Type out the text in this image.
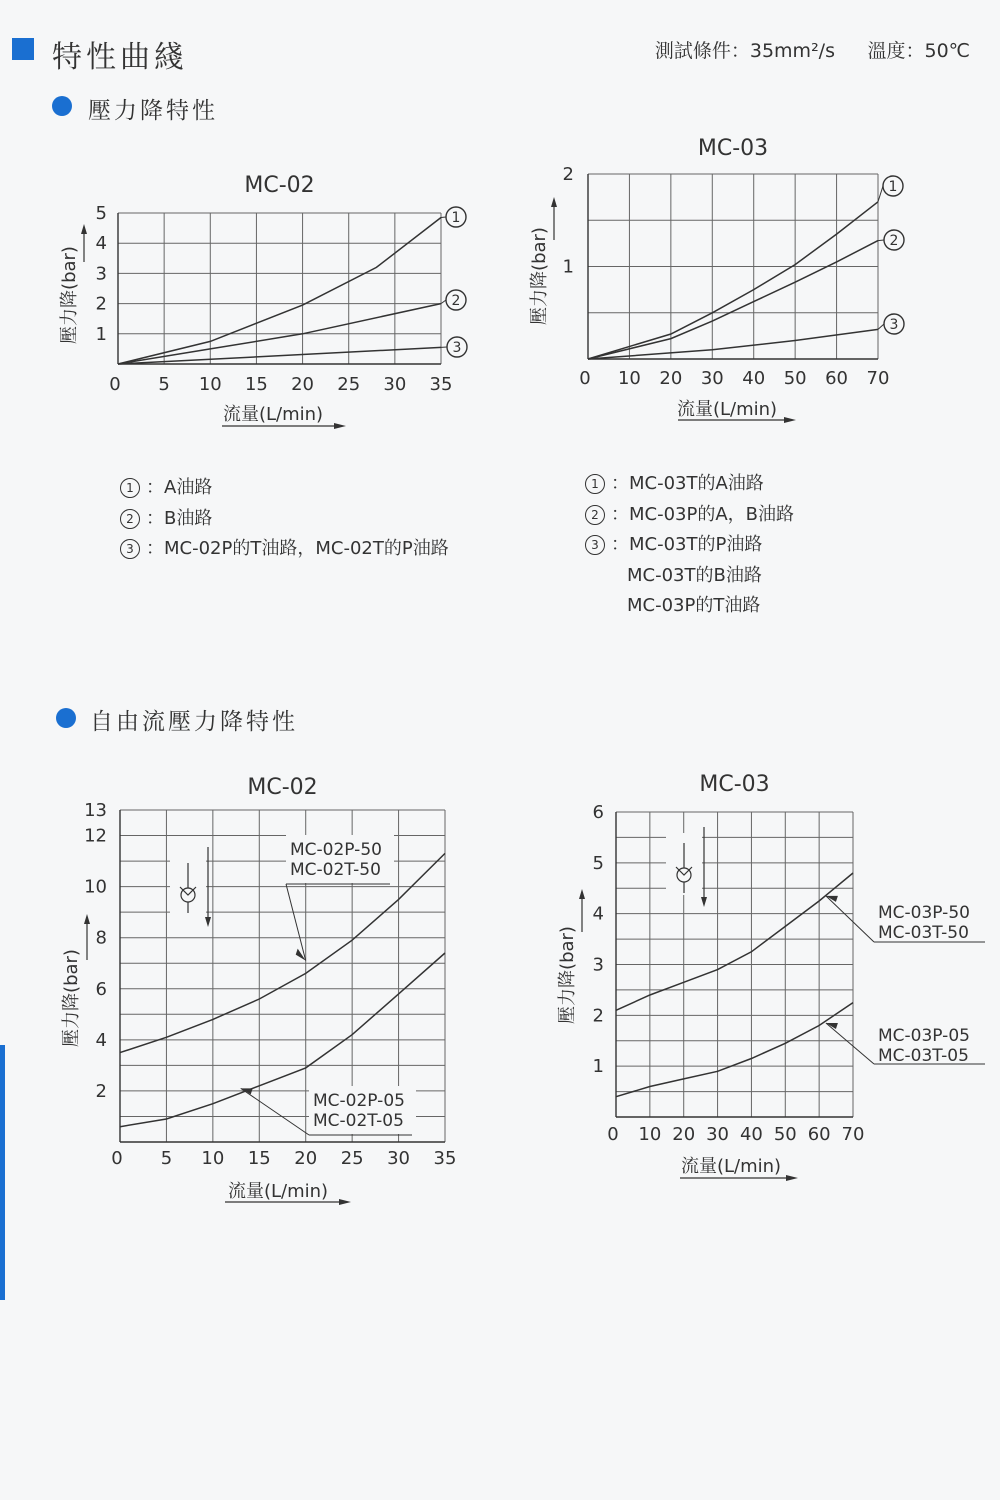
特性曲綫	測試條件：35mm²/s 溫度：50℃
壓力降特性
自由流壓力降特性
MC-02
0 5 10 15 20 25 30 35
1
2
3
4
5
流量(L/min)
壓力降(bar)
1
2
3
MC-03
0 10 20 30 40 50 60 70
1
2
流量(L/min)
壓力降(bar)
1
2
3
MC-02
0 5 10 15 20 25 30 35
2
4
6
8
10
12
13
流量(L/min)
壓力降(bar)
MC-02P-50
MC-02T-50
MC-02P-05
MC-02T-05
MC-03
0 10 20 30 40 50 60 70
1
2
3
4
5
6
流量(L/min)
壓力降(bar)
MC-03P-50
MC-03T-50
MC-03P-05
MC-03T-05
1 ：A油路
2 ：B油路
3 ：MC-02P的T油路，MC-02T的P油路
1 ：MC-03T的A油路
2 ：MC-03P的A，B油路
3 ：MC-03T的P油路
MC-03T的B油路
MC-03P的T油路
